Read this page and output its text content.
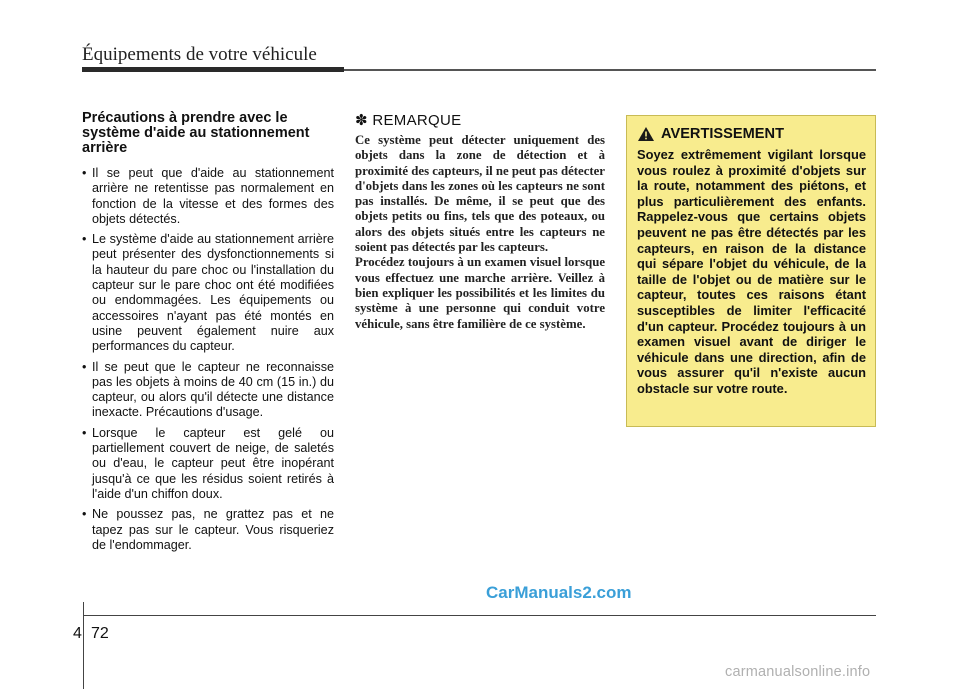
Équipements de votre véhicule
Précautions à prendre avec le système d'aide au stationnement arrière
• Il se peut que d'aide au stationnement arrière ne retentisse pas normalement en fonction de la vitesse et des formes des objets détectés.
• Le système d'aide au stationnement arrière peut présenter des dysfonctionnements si la hauteur du pare choc ou l'installation du capteur sur le pare choc ont été modifiées ou endommagées. Les équipements ou accessoires n'ayant pas été montés en usine peuvent également nuire aux performances du capteur.
• Il se peut que le capteur ne reconnaisse pas les objets à moins de 40 cm (15 in.) du capteur, ou alors qu'il détecte une distance inexacte. Précautions d'usage.
• Lorsque le capteur est gelé ou partiellement couvert de neige, de saletés ou d'eau, le capteur peut être inopérant jusqu'à ce que les résidus soient retirés à l'aide d'un chiffon doux.
• Ne poussez pas, ne grattez pas et ne tapez pas sur le capteur. Vous risqueriez de l'endommager.
✽ REMARQUE

Ce système peut détecter uniquement des objets dans la zone de détection et à proximité des capteurs, il ne peut pas détecter d'objets dans les zones où les capteurs ne sont pas installés. De même, il se peut que des objets petits ou fins, tels que des poteaux, ou alors des objets situés entre les capteurs ne soient pas détectés par les capteurs.

Procédez toujours à un examen visuel lorsque vous effectuez une marche arrière. Veillez à bien expliquer les possibilités et les limites du système à une personne qui conduit votre véhicule, sans être familière de ce système.

AVERTISSEMENT

Soyez extrêmement vigilant lorsque vous roulez à proximité d'objets sur la route, notamment des piétons, et plus particulièrement des enfants. Rappelez-vous que certains objets peuvent ne pas être détectés par les capteurs, en raison de la distance qui sépare l'objet du véhicule, de la taille de l'objet ou de matière sur le capteur, toutes ces raisons étant susceptibles de limiter l'efficacité d'un capteur. Procédez toujours à un examen visuel avant de diriger le véhicule dans une direction, afin de vous assurer qu'il n'existe aucun obstacle sur votre route.

CarManuals2.com
4 72
carmanualsonline.info
